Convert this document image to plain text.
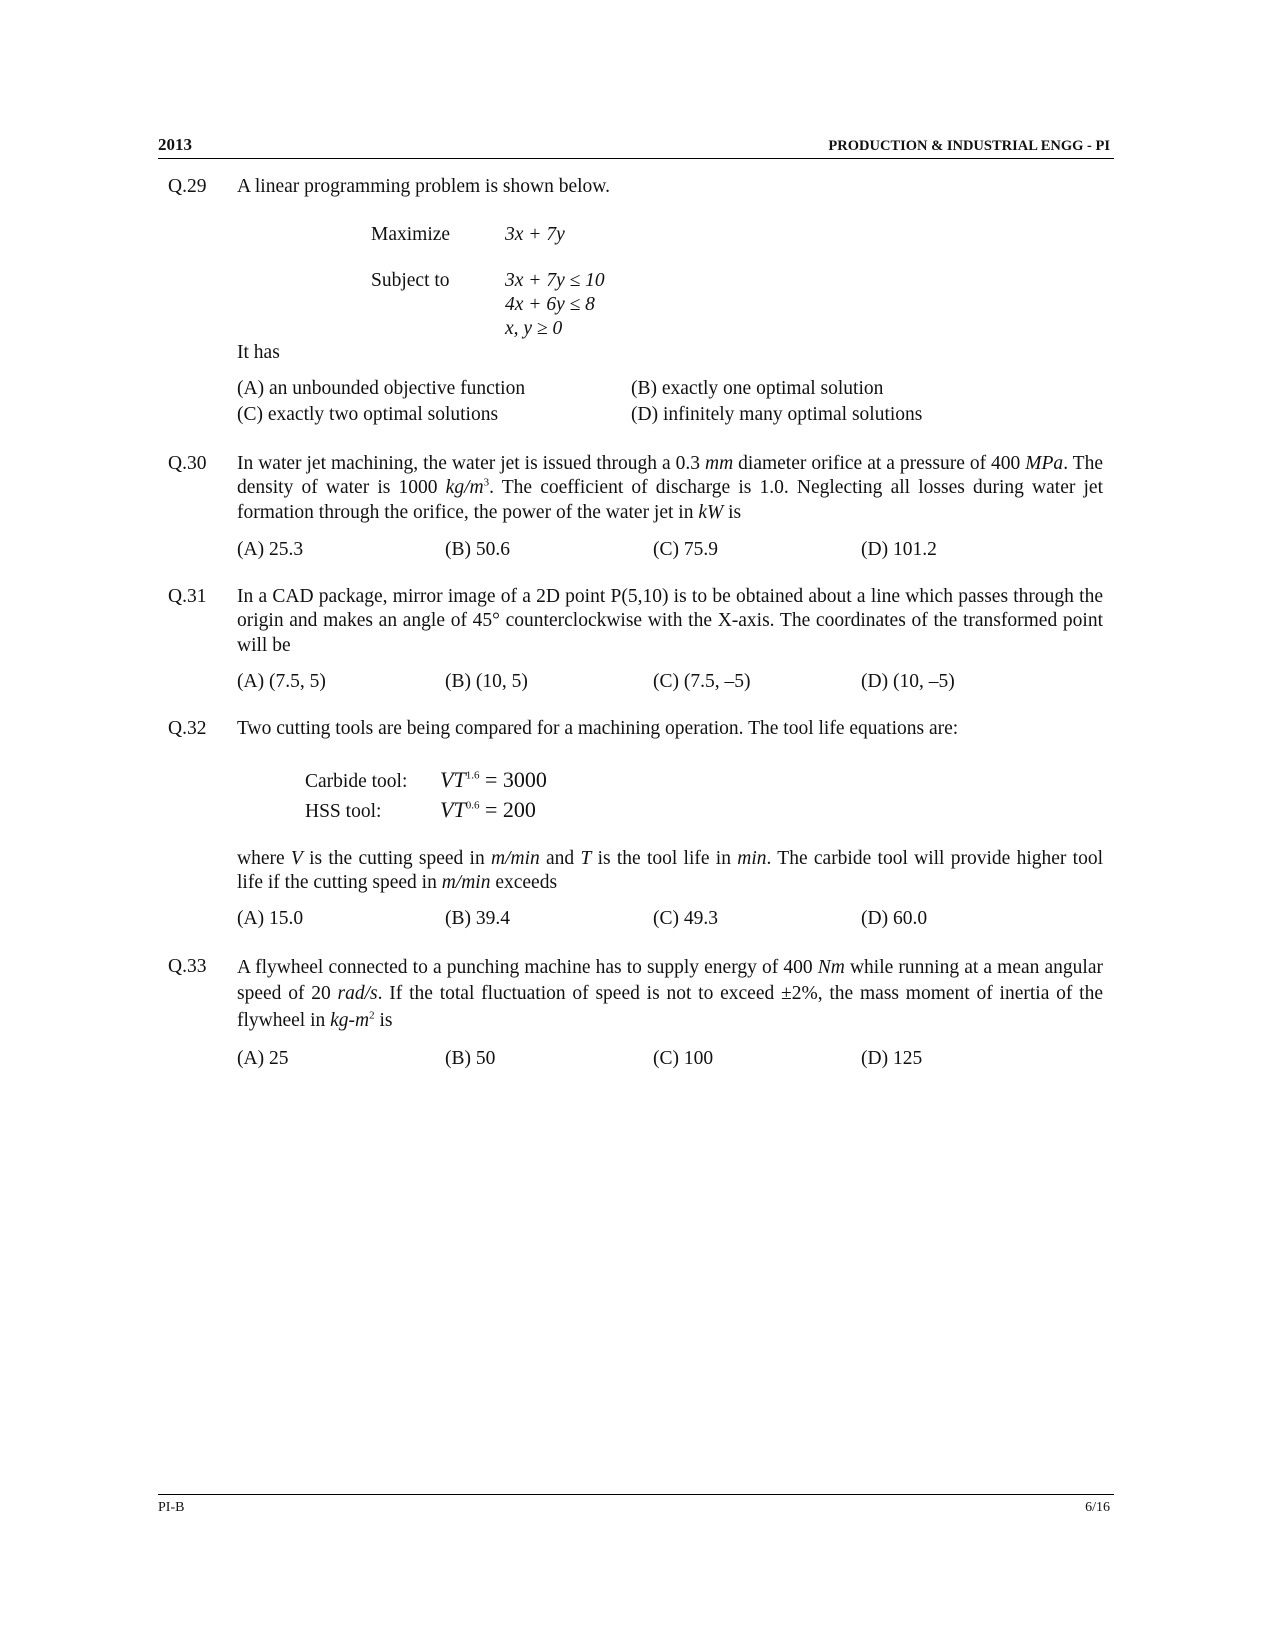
2013	PRODUCTION & INDUSTRIAL ENGG - PI
Q.29 A linear programming problem is shown below.

Maximize	3x + 7y
Subject to	3x + 7y ≤ 10
4x + 6y ≤ 8
x, y ≥ 0
It has
(A) an unbounded objective function	(B) exactly one optimal solution
(C) exactly two optimal solutions	(D) infinitely many optimal solutions
Q.30 In water jet machining, the water jet is issued through a 0.3 mm diameter orifice at a pressure of 400 MPa. The density of water is 1000 $kg/m^3$. The coefficient of discharge is 1.0. Neglecting all losses during water jet formation through the orifice, the power of the water jet in kW is

(A) 25.3	(B) 50.6	(C) 75.9	(D) 101.2
Q.31 In a CAD package, mirror image of a 2D point P(5,10) is to be obtained about a line which passes through the origin and makes an angle of 45° counterclockwise with the X-axis. The coordinates of the transformed point will be

(A) (7.5, 5)	(B) (10, 5)	(C) (7.5, –5)	(D) (10, –5)
Q.32 Two cutting tools are being compared for a machining operation. The tool life equations are:

Carbide tool: $VT^{1.6} = 3000$
HSS tool:	$VT^{0.6} = 200$

where V is the cutting speed in m/min and T is the tool life in min. The carbide tool will provide higher tool life if the cutting speed in m/min exceeds

(A) 15.0	(B) 39.4	(C) 49.3	(D) 60.0
Q.33 A flywheel connected to a punching machine has to supply energy of 400 Nm while running at a mean angular speed of 20 rad/s. If the total fluctuation of speed is not to exceed ±2%, the mass moment of inertia of the flywheel in $kg-m^2$ is

(A) 25	(B) 50	(C) 100	(D) 125
PI-B	6/16
